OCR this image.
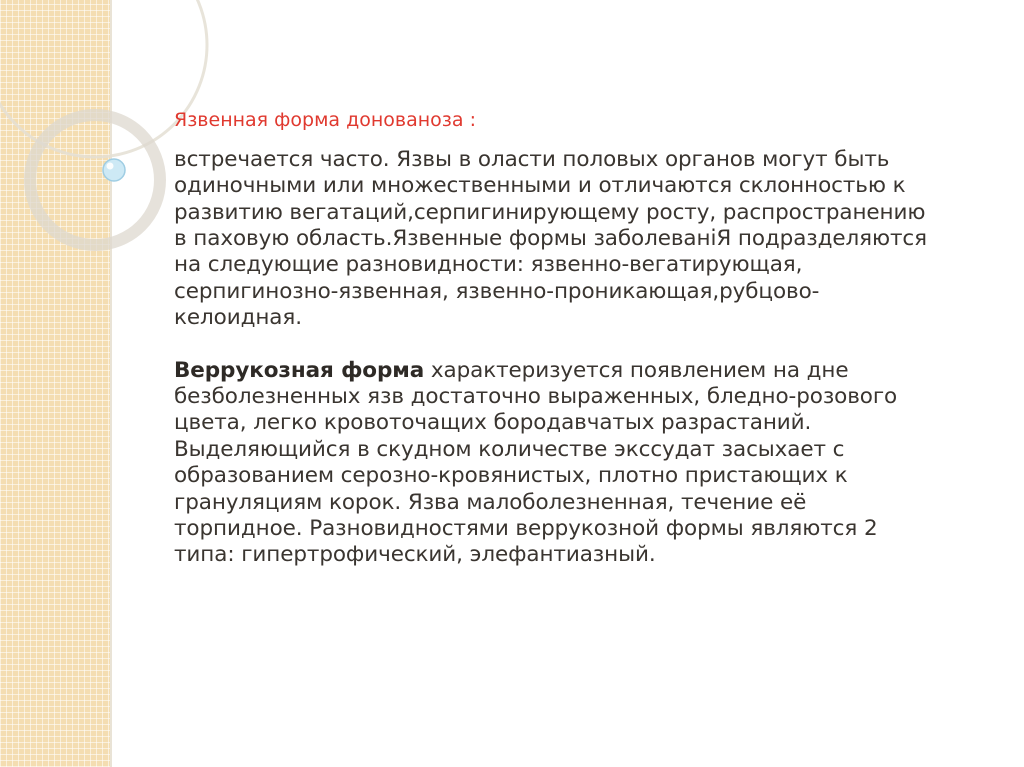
Язвенная форма донованоза :

встречается часто. Язвы в оласти половых органов могут быть одиночными или множественными и отличаются склонностью к развитию вегатаций,серпигинирующему росту, распространению в паховую область.Язвенные формы заболеванiЯ подразделяются на следующие разновидности: язвенно-вегатирующая, серпигинозно-язвенная, язвенно-проникающая,рубцово-келоидная.

Веррукозная форма характеризуется появлением на дне безболезненных язв достаточно выраженных, бледно-розового цвета, легко кровоточащих бородавчатых разрастаний. Выделяющийся в скудном количестве экссудат засыхает с образованием серозно-кровянистых, плотно пристающих к грануляциям корок. Язва малоболезненная, течение её торпидное. Разновидностями веррукозной формы являются 2 типа: гипертрофический, элефантиазный.
